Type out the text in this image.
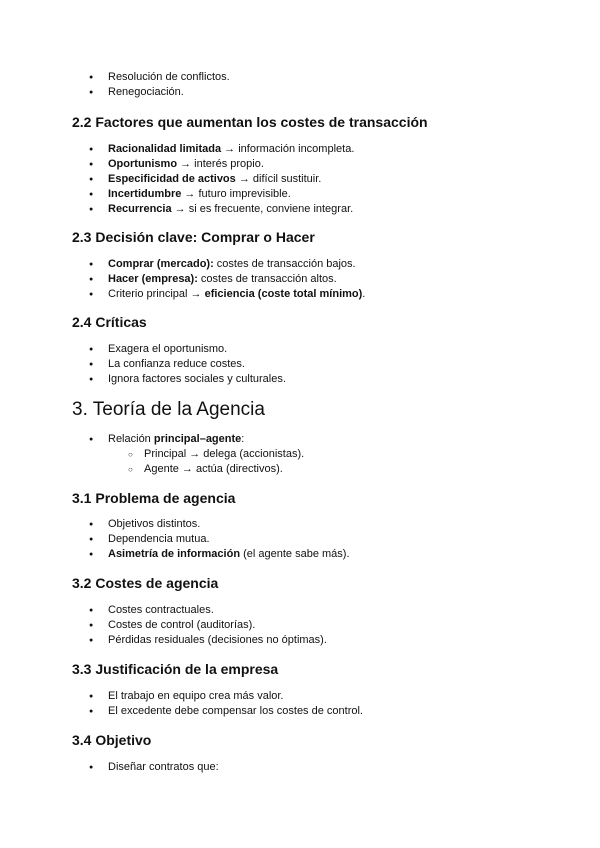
● Resolución de conflictos.
● Renegociación.
2.2 Factores que aumentan los costes de transacción
● Racionalidad limitada → información incompleta.
● Oportunismo → interés propio.
● Especificidad de activos → difícil sustituir.
● Incertidumbre → futuro imprevisible.
● Recurrencia → si es frecuente, conviene integrar.
2.3 Decisión clave: Comprar o Hacer
● Comprar (mercado): costes de transacción bajos.
● Hacer (empresa): costes de transacción altos.
● Criterio principal → eficiencia (coste total mínimo).
2.4 Críticas
● Exagera el oportunismo.
● La confianza reduce costes.
● Ignora factores sociales y culturales.
3. Teoría de la Agencia
● Relación principal–agente:
○ Principal → delega (accionistas).
○ Agente → actúa (directivos).
3.1 Problema de agencia
● Objetivos distintos.
● Dependencia mutua.
● Asimetría de información (el agente sabe más).
3.2 Costes de agencia
● Costes contractuales.
● Costes de control (auditorías).
● Pérdidas residuales (decisiones no óptimas).
3.3 Justificación de la empresa
● El trabajo en equipo crea más valor.
● El excedente debe compensar los costes de control.
3.4 Objetivo
● Diseñar contratos que:
